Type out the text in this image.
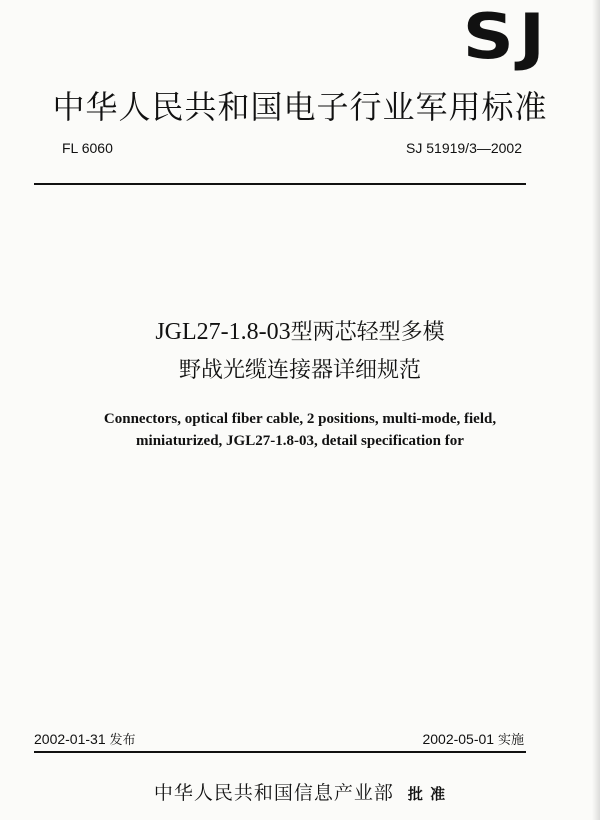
SJ
中华人民共和国电子行业军用标准
FL 6060	SJ 51919/3—2002
JGL27-1.8-03型两芯轻型多模
野战光缆连接器详细规范
Connectors, optical fiber cable, 2 positions, multi-mode, field,
miniaturized, JGL27-1.8-03, detail specification for
2002-01-31 发布	2002-05-01 实施
中华人民共和国信息产业部 批 准
